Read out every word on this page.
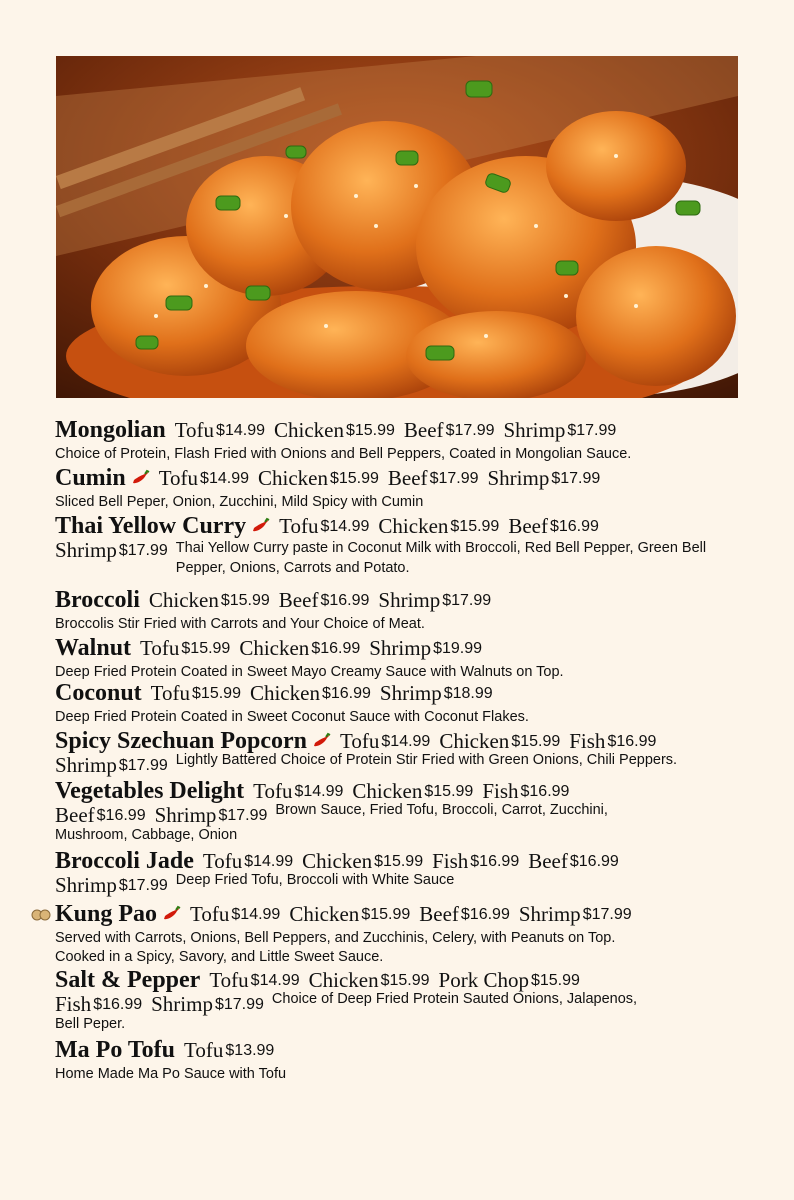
Mongolian Tofu $14.99 Chicken $15.99 Beef $17.99 Shrimp $17.99
Choice of Protein, Flash Fried with Onions and Bell Peppers, Coated in Mongolian Sauce.
Cumin Tofu $14.99 Chicken $15.99 Beef $17.99 Shrimp $17.99
Sliced Bell Peper, Onion, Zucchini, Mild Spicy with Cumin
Thai Yellow Curry Tofu $14.99 Chicken $15.99 Beef $16.99
Shrimp $17.99 Thai Yellow Curry paste in Coconut Milk with Broccoli, Red Bell Pepper, Green Bell Pepper, Onions, Carrots and Potato.
Broccoli Chicken $15.99 Beef $16.99 Shrimp $17.99
Broccolis Stir Fried with Carrots and Your Choice of Meat.
Walnut Tofu $15.99 Chicken $16.99 Shrimp $19.99
Deep Fried Protein Coated in Sweet Mayo Creamy Sauce with Walnuts on Top.
Coconut Tofu $15.99 Chicken $16.99 Shrimp $18.99
Deep Fried Protein Coated in Sweet Coconut Sauce with Coconut Flakes.
Spicy Szechuan Popcorn Tofu $14.99 Chicken $15.99 Fish $16.99
Shrimp $17.99 Lightly Battered Choice of Protein Stir Fried with Green Onions, Chili Peppers.
Vegetables Delight Tofu $14.99 Chicken $15.99 Fish $16.99
Beef $16.99 Shrimp $17.99 Brown Sauce, Fried Tofu, Broccoli, Carrot, Zucchini,
Mushroom, Cabbage, Onion
Broccoli Jade Tofu $14.99 Chicken $15.99 Fish $16.99 Beef $16.99
Shrimp $17.99 Deep Fried Tofu, Broccoli with White Sauce
Kung Pao Tofu $14.99 Chicken $15.99 Beef $16.99 Shrimp $17.99
Served with Carrots, Onions, Bell Peppers, and Zucchinis, Celery, with Peanuts on Top.
Cooked in a Spicy, Savory, and Little Sweet Sauce.
Salt & Pepper Tofu $14.99 Chicken $15.99 Pork Chop $15.99
Fish $16.99 Shrimp $17.99 Choice of Deep Fried Protein Sauted Onions, Jalapenos,
Bell Peper.
Ma Po Tofu Tofu $13.99
Home Made Ma Po Sauce with Tofu
